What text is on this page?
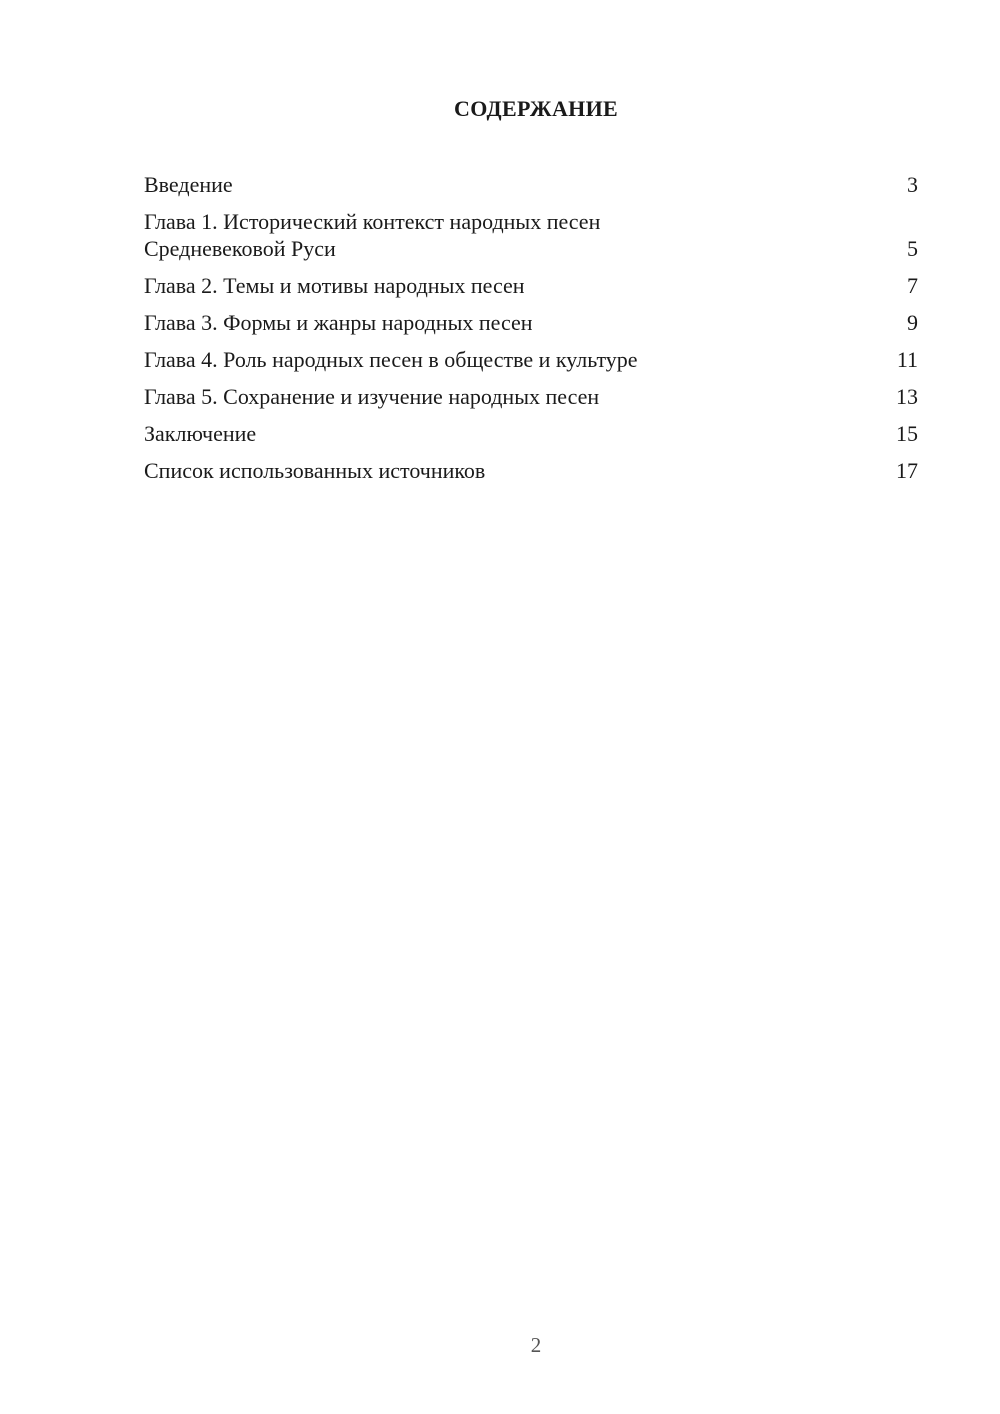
СОДЕРЖАНИЕ
Введение	3
Глава 1. Исторический контекст народных песен
Средневековой Руси	5
Глава 2. Темы и мотивы народных песен	7
Глава 3. Формы и жанры народных песен	9
Глава 4. Роль народных песен в обществе и культуре	11
Глава 5. Сохранение и изучение народных песен	13
Заключение	15
Список использованных источников	17
2
